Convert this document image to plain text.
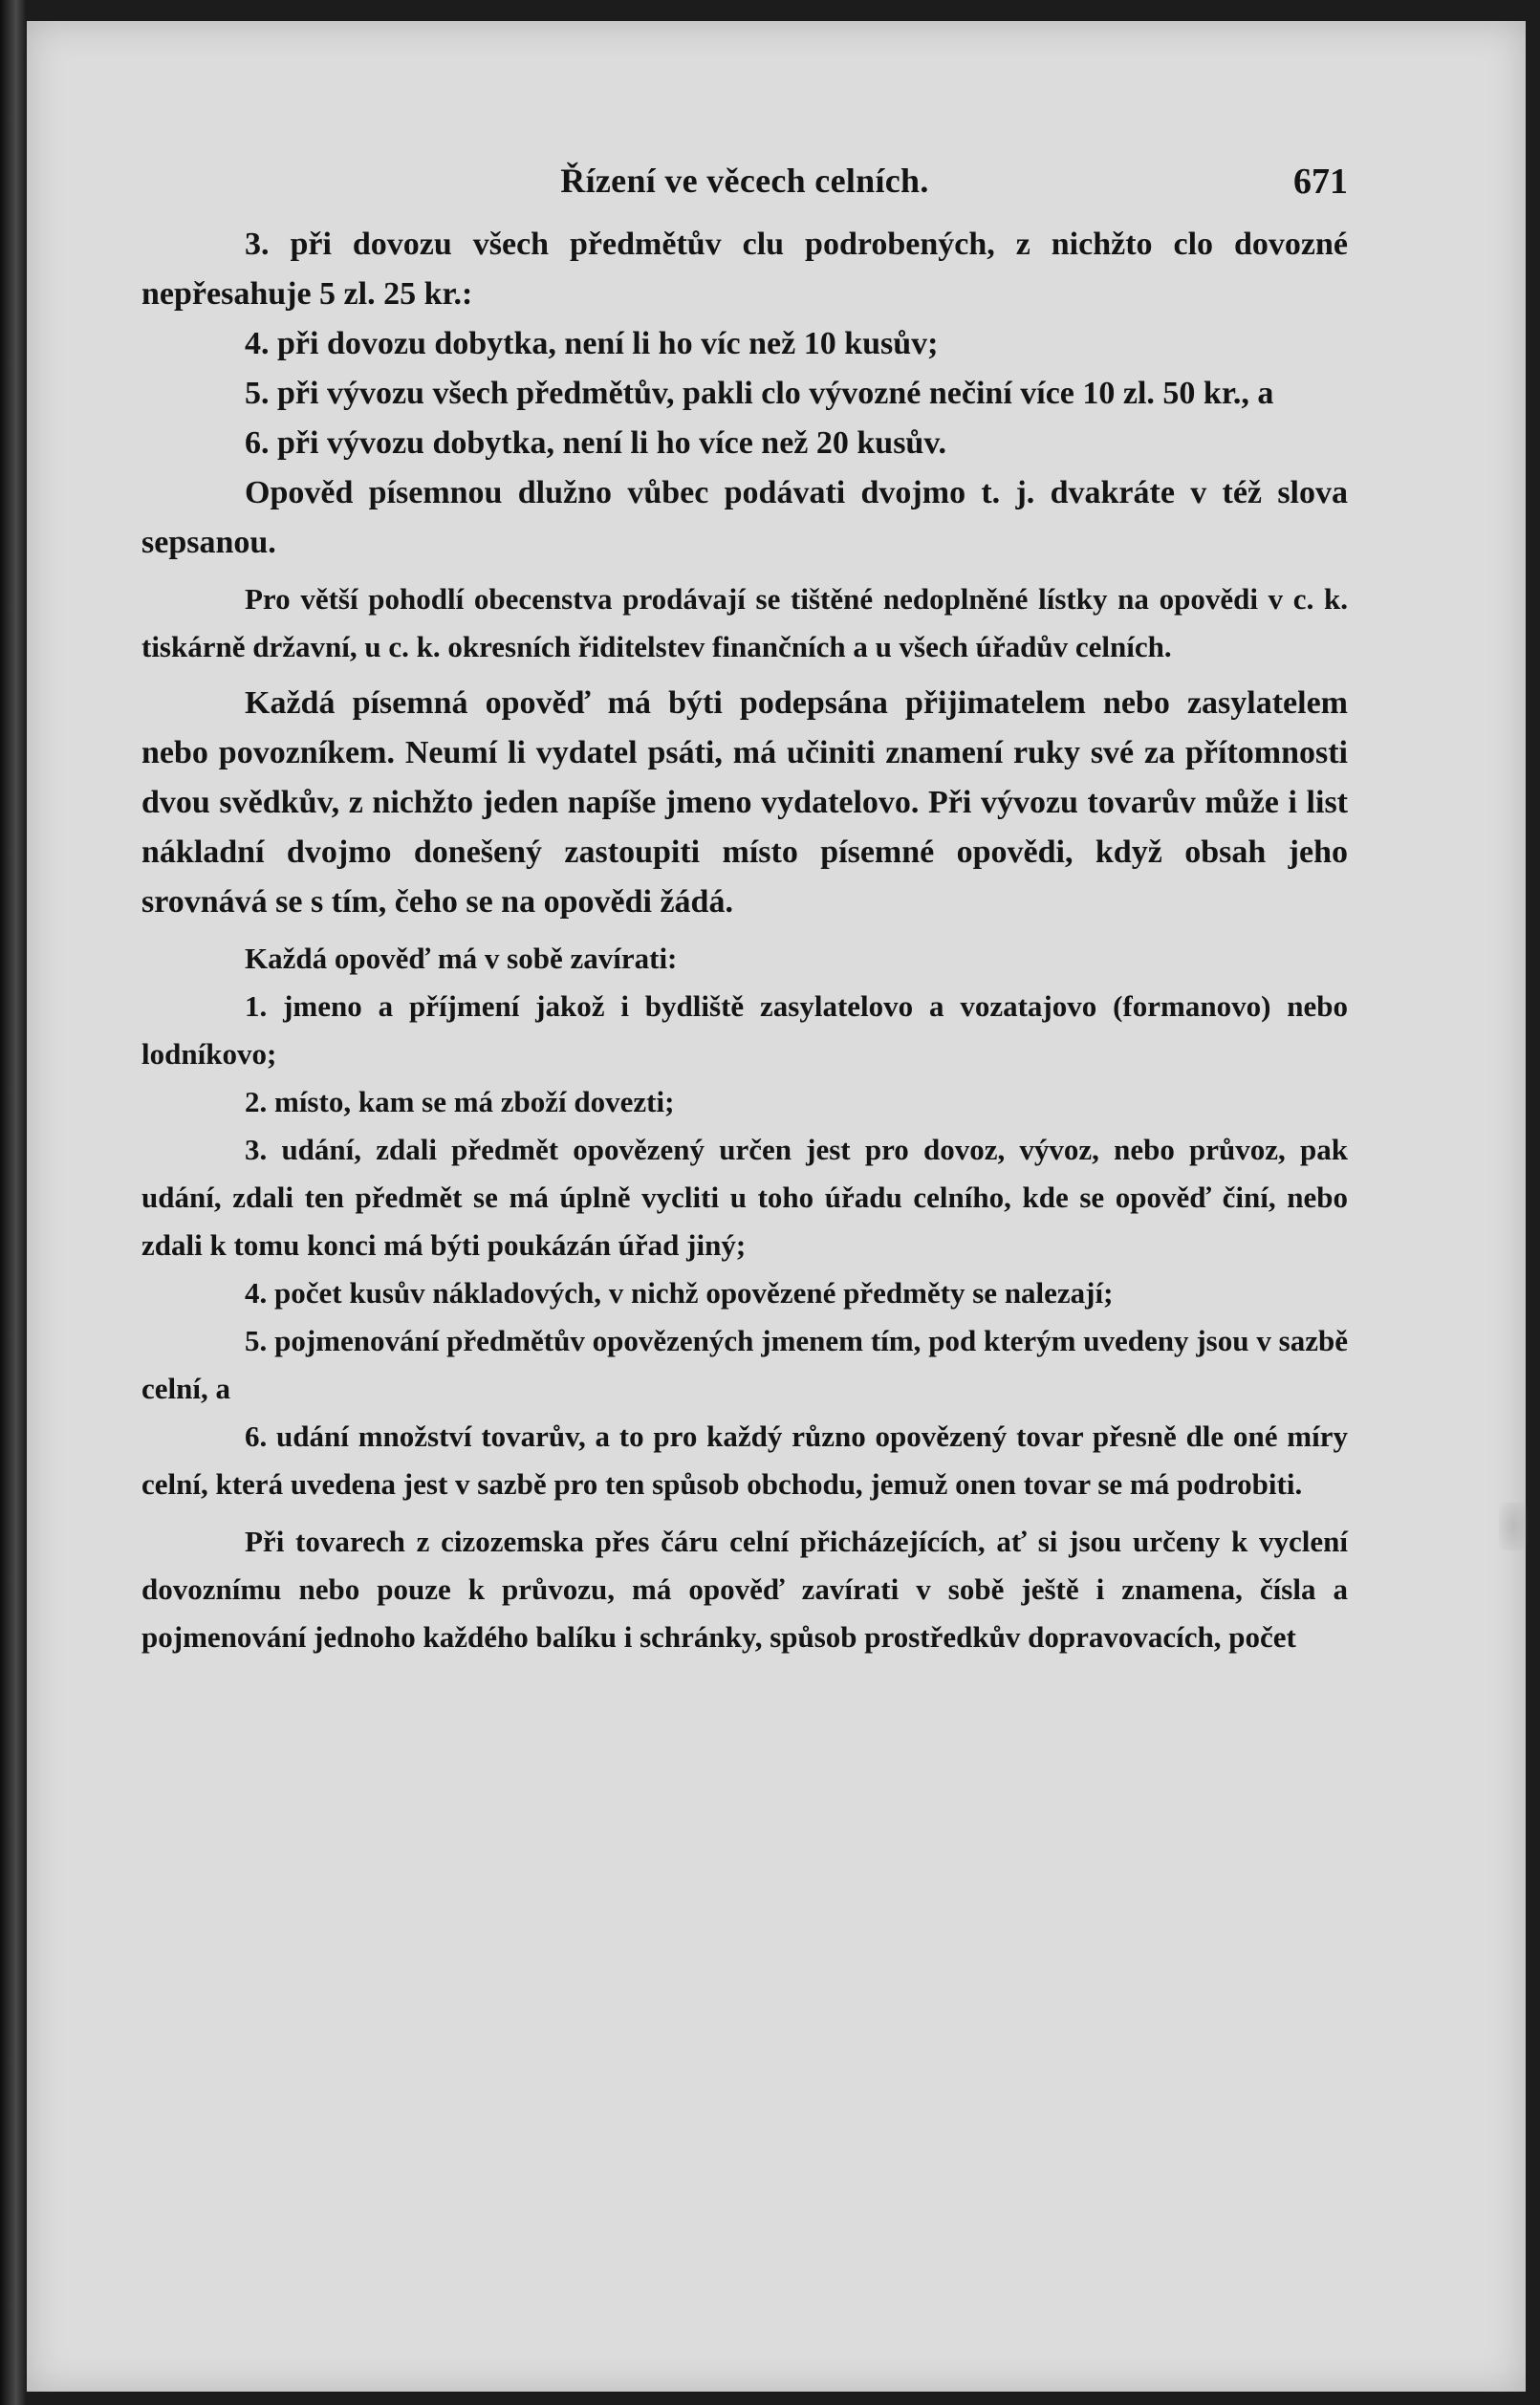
Řízení ve věcech celních.	671

3. při dovozu všech předmětův clu podrobených, z nichžto clo dovozné nepřesahuje 5 zl. 25 kr.:

4. při dovozu dobytka, není li ho víc než 10 kusův;

5. při vývozu všech předmětův, pakli clo vývozné nečiní více 10 zl. 50 kr., a

6. při vývozu dobytka, není li ho více než 20 kusův.

Opověd písemnou dlužno vůbec podávati dvojmo t. j. dvakráte v též slova sepsanou.

Pro větší pohodlí obecenstva prodávají se tištěné nedoplněné lístky na opovědi v c. k. tiskárně državní, u c. k. okresních řiditelstev finančních a u všech úřadův celních.

Každá písemná opověď má býti podepsána přijimatelem nebo zasylatelem nebo povozníkem. Neumí li vydatel psáti, má učiniti znamení ruky své za přítomnosti dvou svědkův, z nichžto jeden napíše jmeno vydatelovo. Při vývozu tovarův může i list nákladní dvojmo donešený zastoupiti místo písemné opovědi, když obsah jeho srovnává se s tím, čeho se na opovědi žádá.

Každá opověď má v sobě zavírati:

1. jmeno a příjmení jakož i bydliště zasylatelovo a vozatajovo (formanovo) nebo lodníkovo;

2. místo, kam se má zboží dovezti;

3. udání, zdali předmět opovězený určen jest pro dovoz, vývoz, nebo průvoz, pak udání, zdali ten předmět se má úplně vycliti u toho úřadu celního, kde se opověď činí, nebo zdali k tomu konci má býti poukázán úřad jiný;

4. počet kusův nákladových, v nichž opovězené předměty se nalezají;

5. pojmenování předmětův opovězených jmenem tím, pod kterým uvedeny jsou v sazbě celní, a

6. udání množství tovarův, a to pro každý různo opovězený tovar přesně dle oné míry celní, která uvedena jest v sazbě pro ten spůsob obchodu, jemuž onen tovar se má podrobiti.

Při tovarech z cizozemska přes čáru celní přicházejících, ať si jsou určeny k vyclení dovoznímu nebo pouze k průvozu, má opověď zavírati v sobě ještě i znamena, čísla a pojmenování jednoho každého balíku i schránky, spůsob prostředkův dopravovacích, počet
